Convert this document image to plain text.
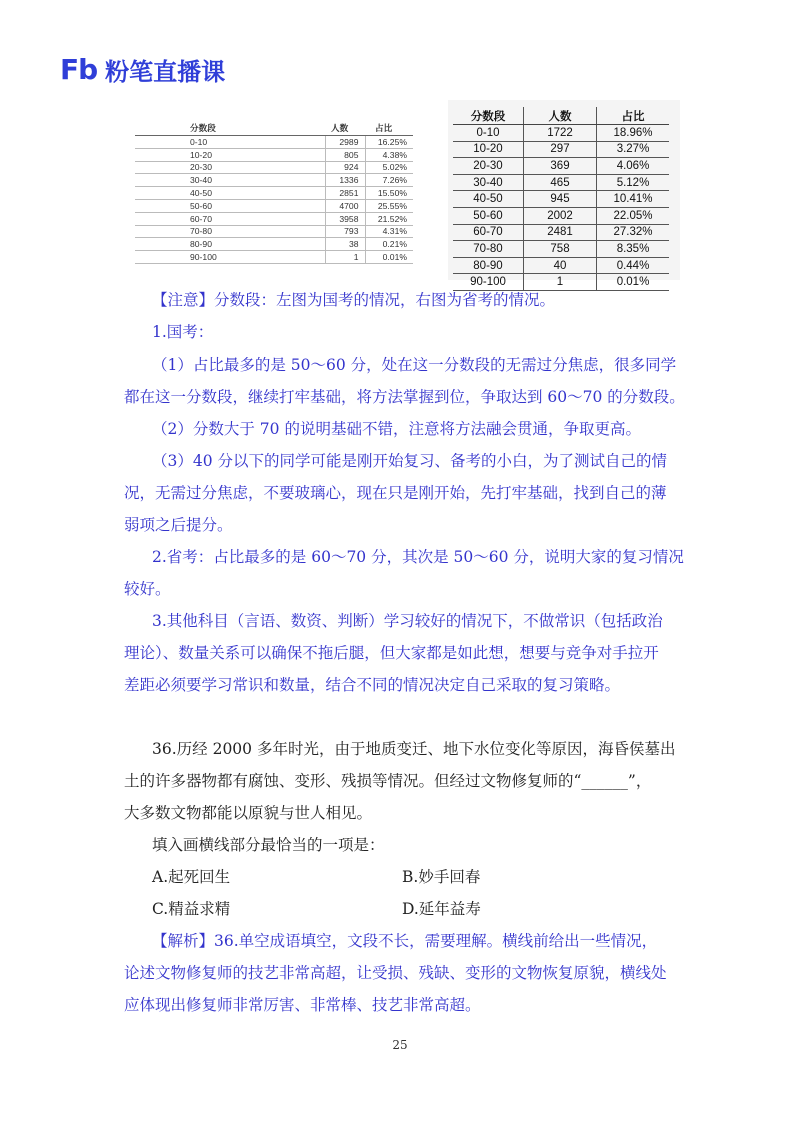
Fb 粉笔直播课
分数段	人数	占比
0-10	2989	16.25%
10-20	805	4.38%
20-30	924	5.02%
30-40	1336	7.26%
40-50	2851	15.50%
50-60	4700	25.55%
60-70	3958	21.52%
70-80	793	4.31%
80-90	38	0.21%
90-100	1	0.01%
分数段	人数	占比
0-10	1722	18.96%
10-20	297	3.27%
20-30	369	4.06%
30-40	465	5.12%
40-50	945	10.41%
50-60	2002	22.05%
60-70	2481	27.32%
70-80	758	8.35%
80-90	40	0.44%
90-100	1	0.01%

【注意】分数段：左图为国考的情况，右图为省考的情况。

1.国考：

（1）占比最多的是 50～60 分，处在这一分数段的无需过分焦虑，很多同学

都在这一分数段，继续打牢基础，将方法掌握到位，争取达到 60～70 的分数段。

（2）分数大于 70 的说明基础不错，注意将方法融会贯通，争取更高。

（3）40 分以下的同学可能是刚开始复习、备考的小白，为了测试自己的情

况，无需过分焦虑，不要玻璃心，现在只是刚开始，先打牢基础，找到自己的薄

弱项之后提分。

2.省考：占比最多的是 60～70 分，其次是 50～60 分，说明大家的复习情况

较好。

3.其他科目（言语、数资、判断）学习较好的情况下，不做常识（包括政治

理论）、数量关系可以确保不拖后腿，但大家都是如此想，想要与竞争对手拉开

差距必须要学习常识和数量，结合不同的情况决定自己采取的复习策略。

36.历经 2000 多年时光，由于地质变迁、地下水位变化等原因，海昏侯墓出

土的许多器物都有腐蚀、变形、残损等情况。但经过文物修复师的“______”，

大多数文物都能以原貌与世人相见。

填入画横线部分最恰当的一项是：

A.起死回生	B.妙手回春

C.精益求精	D.延年益寿

【解析】36.单空成语填空，文段不长，需要理解。横线前给出一些情况，

论述文物修复师的技艺非常高超，让受损、残缺、变形的文物恢复原貌，横线处

应体现出修复师非常厉害、非常棒、技艺非常高超。

25
